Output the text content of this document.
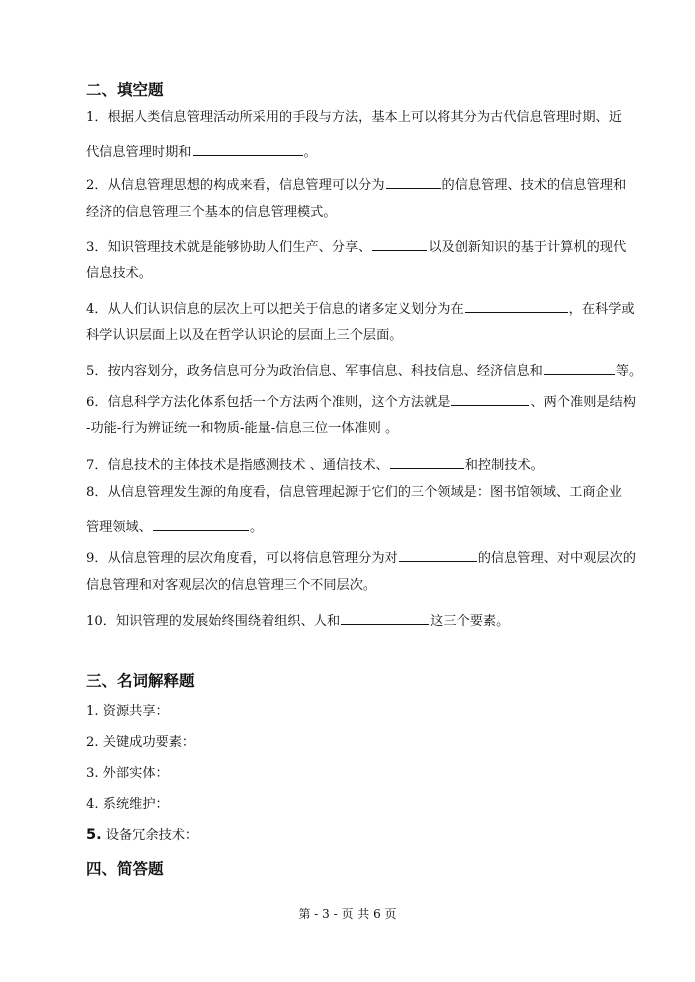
二、填空题
1．根据人类信息管理活动所采用的手段与方法，基本上可以将其分为古代信息管理时期、近
代信息管理时期和	。
2．从信息管理思想的构成来看，信息管理可以分为	的信息管理、技术的信息管理和
经济的信息管理三个基本的信息管理模式。
3．知识管理技术就是能够协助人们生产、分享、	以及创新知识的基于计算机的现代
信息技术。
4．从人们认识信息的层次上可以把关于信息的诸多定义划分为在	，在科学或
科学认识层面上以及在哲学认识论的层面上三个层面。
5．按内容划分，政务信息可分为政治信息、军事信息、科技信息、经济信息和	等。
6．信息科学方法化体系包括一个方法两个准则，这个方法就是	、两个准则是结构
-功能-行为辨证统一和物质-能量-信息三位一体准则 。
7．信息技术的主体技术是指感测技术 、通信技术、	和控制技术。
8．从信息管理发生源的角度看，信息管理起源于它们的三个领域是：图书馆领域、工商企业
管理领域、	。
9．从信息管理的层次角度看，可以将信息管理分为对	的信息管理、对中观层次的
信息管理和对客观层次的信息管理三个不同层次。
10．知识管理的发展始终围绕着组织、人和	这三个要素。
三、名词解释题
1. 资源共享：
2. 关键成功要素：
3. 外部实体：
4. 系统维护：
5. 设备冗余技术：
四、简答题
第 - 3 - 页 共 6 页
